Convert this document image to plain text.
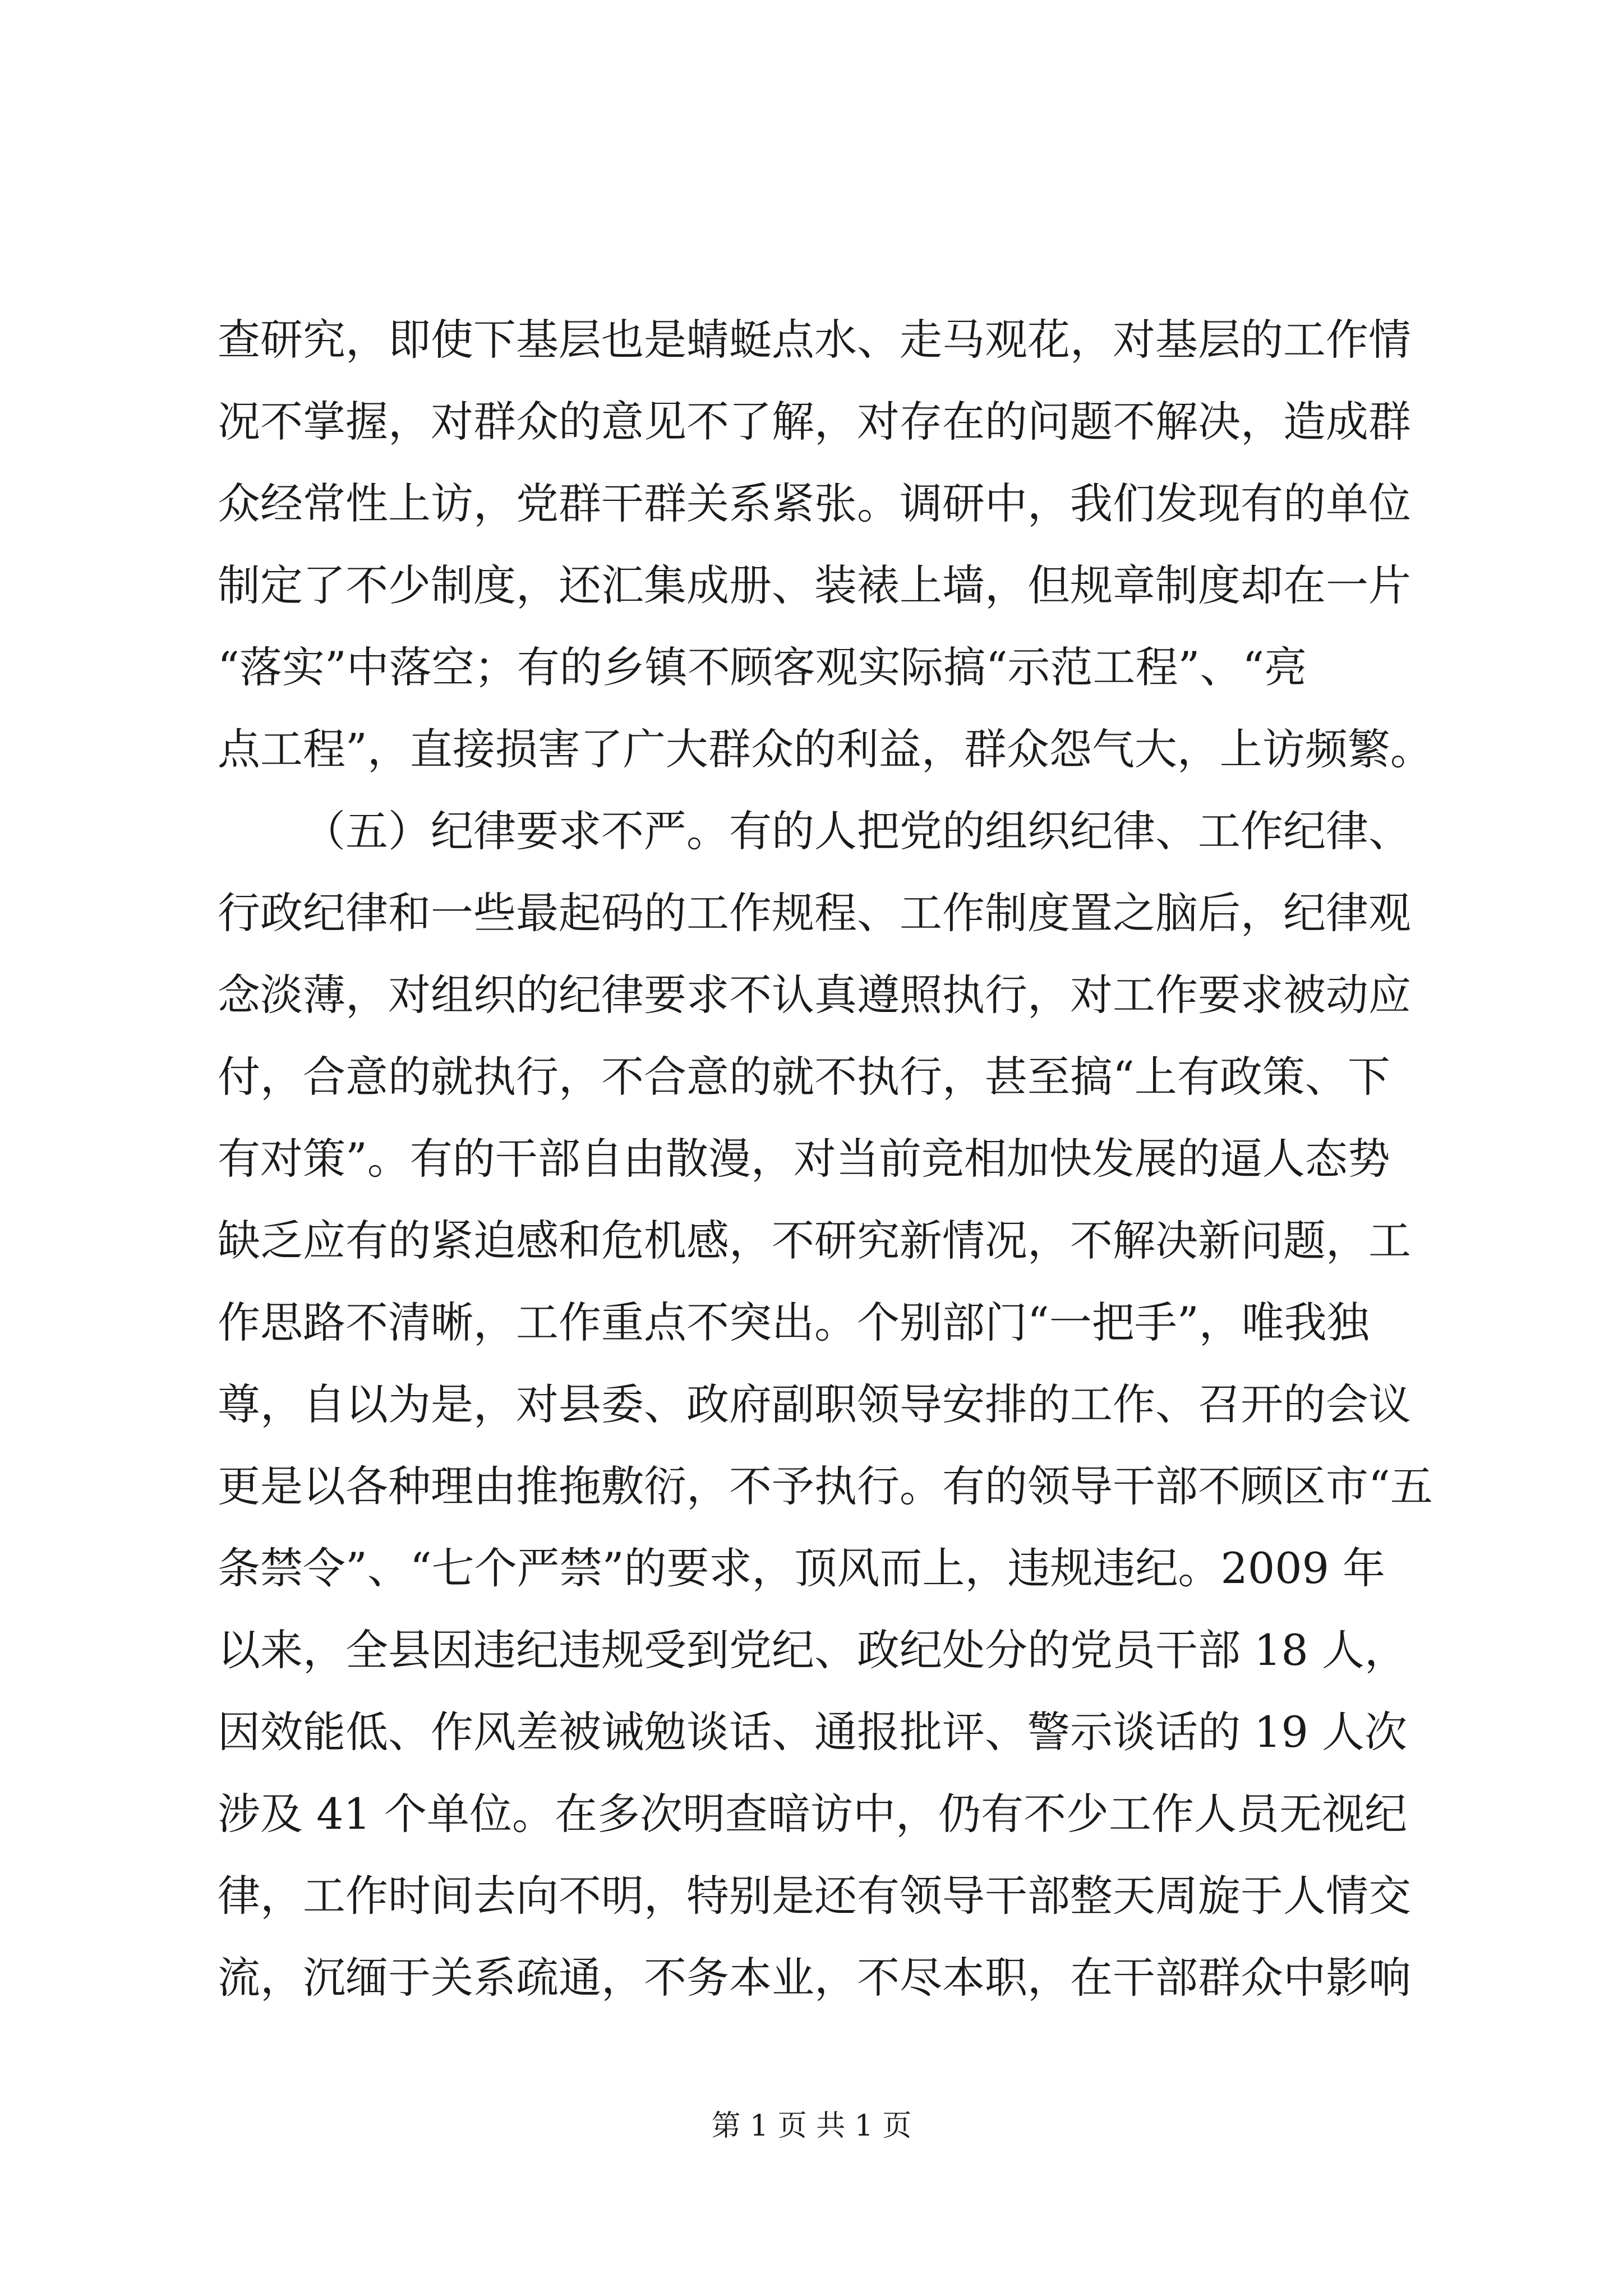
查研究，即使下基层也是蜻蜓点水、走马观花，对基层的工作情
况不掌握，对群众的意见不了解，对存在的问题不解决，造成群
众经常性上访，党群干群关系紧张。调研中，我们发现有的单位
制定了不少制度，还汇集成册、装裱上墙，但规章制度却在一片
“落实”中落空；有的乡镇不顾客观实际搞“示范工程”、“亮
点工程”，直接损害了广大群众的利益，群众怨气大，上访频繁。
（五）纪律要求不严。有的人把党的组织纪律、工作纪律、
行政纪律和一些最起码的工作规程、工作制度置之脑后，纪律观
念淡薄，对组织的纪律要求不认真遵照执行，对工作要求被动应
付，合意的就执行，不合意的就不执行，甚至搞“上有政策、下
有对策”。有的干部自由散漫，对当前竞相加快发展的逼人态势
缺乏应有的紧迫感和危机感，不研究新情况，不解决新问题，工
作思路不清晰，工作重点不突出。个别部门“一把手”，唯我独
尊，自以为是，对县委、政府副职领导安排的工作、召开的会议
更是以各种理由推拖敷衍，不予执行。有的领导干部不顾区市“五
条禁令”、“七个严禁”的要求，顶风而上，违规违纪。2009 年
以来，全县因违纪违规受到党纪、政纪处分的党员干部 18 人，
因效能低、作风差被诫勉谈话、通报批评、警示谈话的 19 人次
涉及 41 个单位。在多次明查暗访中，仍有不少工作人员无视纪
律，工作时间去向不明，特别是还有领导干部整天周旋于人情交
流，沉缅于关系疏通，不务本业，不尽本职，在干部群众中影响
第 1 页 共 1 页
